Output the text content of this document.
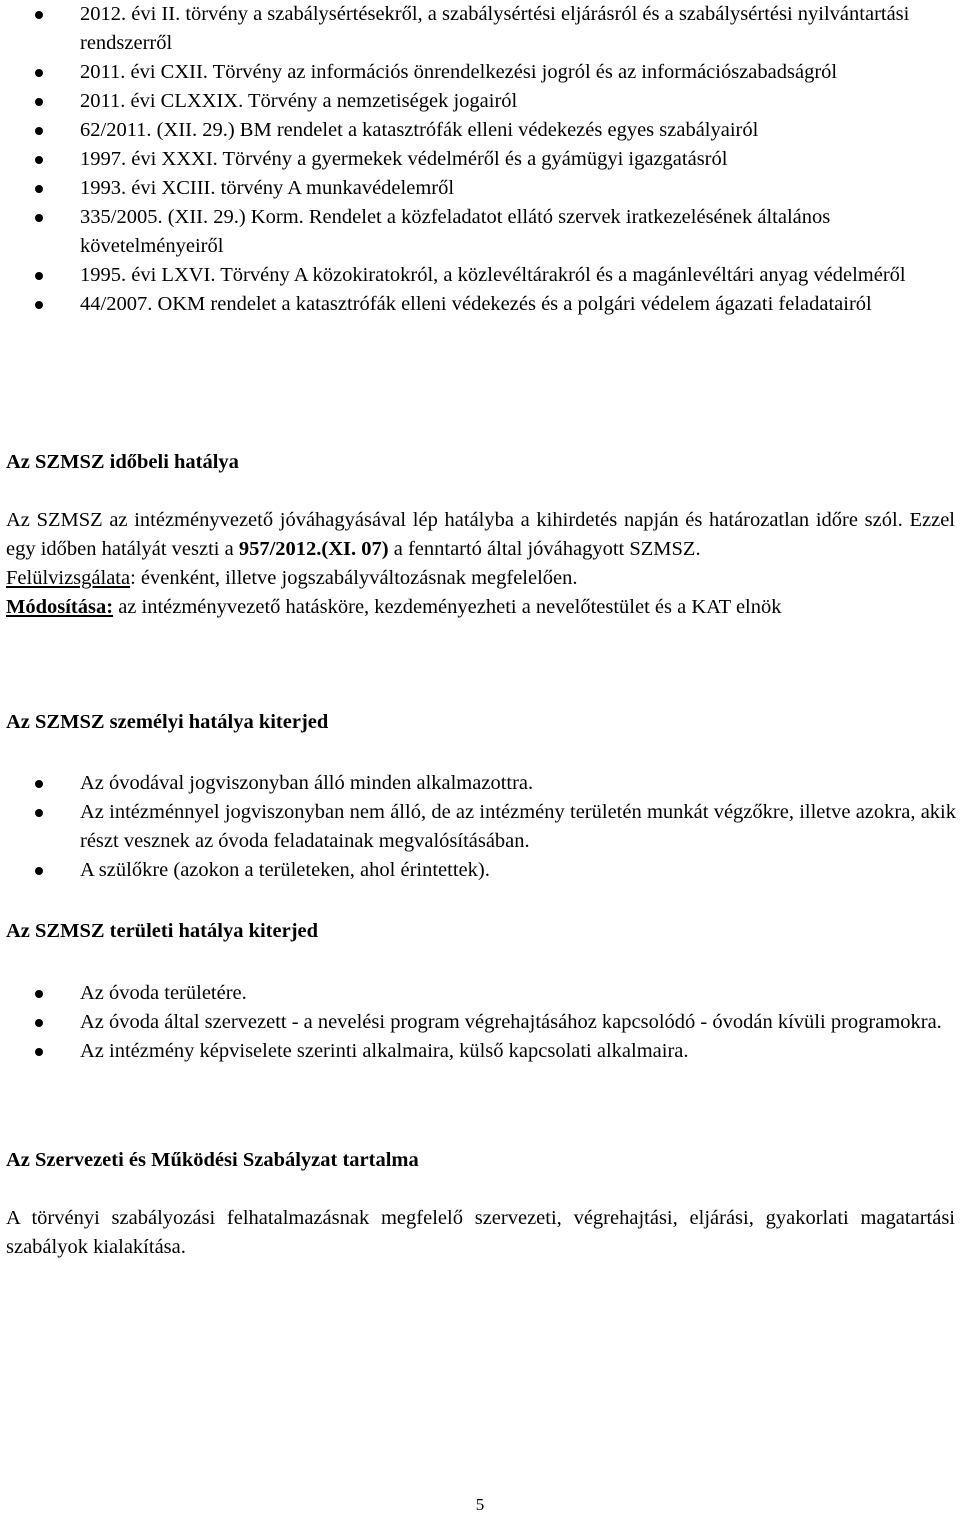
2012. évi II. törvény a szabálysértésekről, a szabálysértési eljárásról és a szabálysértési nyilvántartási rendszerről
2011. évi CXII. Törvény az információs önrendelkezési jogról és az információszabadságról
2011. évi CLXXIX. Törvény a nemzetiségek jogairól
62/2011. (XII. 29.) BM rendelet a katasztrófák elleni védekezés egyes szabályairól
1997. évi XXXI. Törvény a gyermekek védelméről és a gyámügyi igazgatásról
1993. évi XCIII. törvény A munkavédelemről
335/2005. (XII. 29.) Korm. Rendelet a közfeladatot ellátó szervek iratkezelésének általános követelményeiről
1995. évi LXVI. Törvény A közokiratokról, a közlevéltárakról és a magánlevéltári anyag védelméről
44/2007. OKM rendelet a katasztrófák elleni védekezés és a polgári védelem ágazati feladatairól
Az SZMSZ időbeli hatálya

Az SZMSZ az intézményvezető jóváhagyásával lép hatályba a kihirdetés napján és határozatlan időre szól. Ezzel egy időben hatályát veszti a 957/2012.(XI. 07) a fenntartó által jóváhagyott SZMSZ.

Felülvizsgálata: évenként, illetve jogszabályváltozásnak megfelelően.

Módosítása: az intézményvezető hatásköre, kezdeményezheti a nevelőtestület és a KAT elnök

Az SZMSZ személyi hatálya kiterjed
Az óvodával jogviszonyban álló minden alkalmazottra.
Az intézménnyel jogviszonyban nem álló, de az intézmény területén munkát végzőkre, illetve azokra, akik részt vesznek az óvoda feladatainak megvalósításában.
A szülőkre (azokon a területeken, ahol érintettek).
Az SZMSZ területi hatálya kiterjed
Az óvoda területére.
Az óvoda által szervezett - a nevelési program végrehajtásához kapcsolódó - óvodán kívüli programokra.
Az intézmény képviselete szerinti alkalmaira, külső kapcsolati alkalmaira.
Az Szervezeti és Működési Szabályzat tartalma

A törvényi szabályozási felhatalmazásnak megfelelő szervezeti, végrehajtási, eljárási, gyakorlati magatartási szabályok kialakítása.

5
